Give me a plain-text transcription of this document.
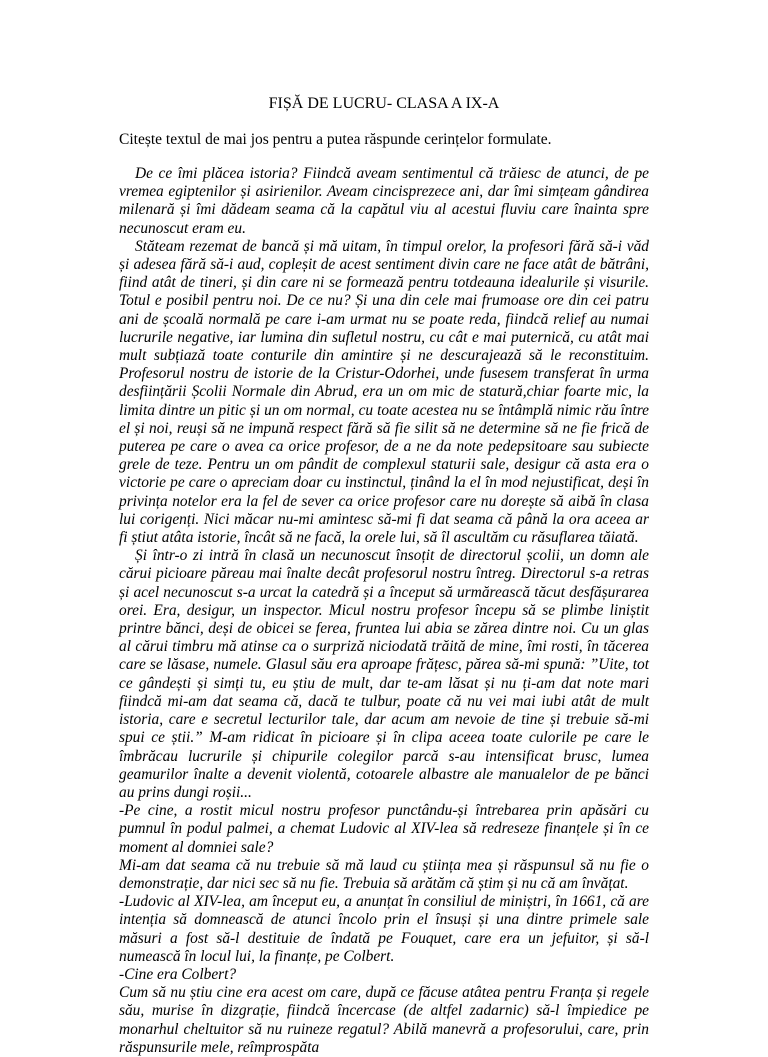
FIȘĂ DE LUCRU- CLASA A IX-A
Citește textul de mai jos pentru a putea răspunde cerințelor formulate.

De ce îmi plăcea istoria? Fiindcă aveam sentimentul că trăiesc de atunci, de pe vremea egiptenilor și asirienilor. Aveam cincisprezece ani, dar îmi simțeam gândirea milenară și îmi dădeam seama că la capătul viu al acestui fluviu care înainta spre necunoscut eram eu.

Stăteam rezemat de bancă și mă uitam, în timpul orelor, la profesori fără să-i văd și adesea fără să-i aud, copleșit de acest sentiment divin care ne face atât de bătrâni, fiind atât de tineri, și din care ni se formează pentru totdeauna idealurile și visurile. Totul e posibil pentru noi. De ce nu? Și una din cele mai frumoase ore din cei patru ani de școală normală pe care i-am urmat nu se poate reda, fiindcă relief au numai lucrurile negative, iar lumina din sufletul nostru, cu cât e mai puternică, cu atât mai mult subțiază toate conturile din amintire și ne descurajează să le reconstituim. Profesorul nostru de istorie de la Cristur-Odorhei, unde fusesem transferat în urma desființării Școlii Normale din Abrud, era un om mic de statură,chiar foarte mic, la limita dintre un pitic și un om normal, cu toate acestea nu se întâmplă nimic rău între el și noi, reuși să ne impună respect fără să fie silit să ne determine să ne fie frică de puterea pe care o avea ca orice profesor, de a ne da note pedepsitoare sau subiecte grele de teze. Pentru un om pândit de complexul staturii sale, desigur că asta era o victorie pe care o apreciam doar cu instinctul, ținând la el în mod nejustificat, deși în privința notelor era la fel de sever ca orice profesor care nu dorește să aibă în clasa lui corigenți. Nici măcar nu-mi amintesc să-mi fi dat seama că până la ora aceea ar fi știut atâta istorie, încât să ne facă, la orele lui, să îl ascultăm cu răsuflarea tăiată.

Și într-o zi intră în clasă un necunoscut însoțit de directorul școlii, un domn ale cărui picioare păreau mai înalte decât profesorul nostru întreg. Directorul s-a retras și acel necunoscut s-a urcat la catedră și a început să urmărească tăcut desfășurarea orei. Era, desigur, un inspector. Micul nostru profesor începu să se plimbe liniștit printre bănci, deși de obicei se ferea, fruntea lui abia se zărea dintre noi. Cu un glas al cărui timbru mă atinse ca o surpriză niciodată trăită de mine, îmi rosti, în tăcerea care se lăsase, numele. Glasul său era aproape frățesc, părea să-mi spună: ”Uite, tot ce gândești și simți tu, eu știu de mult, dar te-am lăsat și nu ți-am dat note mari fiindcă mi-am dat seama că, dacă te tulbur, poate că nu vei mai iubi atât de mult istoria, care e secretul lecturilor tale, dar acum am nevoie de tine și trebuie să-mi spui ce știi.” M-am ridicat în picioare și în clipa aceea toate culorile pe care le îmbrăcau lucrurile și chipurile colegilor parcă s-au intensificat brusc, lumea geamurilor înalte a devenit violentă, cotoarele albastre ale manualelor de pe bănci au prins dungi roșii...

-Pe cine, a rostit micul nostru profesor punctându-și întrebarea prin apăsări cu pumnul în podul palmei, a chemat Ludovic al XIV-lea să redreseze finanțele și în ce moment al domniei sale?

Mi-am dat seama că nu trebuie să mă laud cu știința mea și răspunsul să nu fie o demonstrație, dar nici sec să nu fie. Trebuia să arătăm că știm și nu că am învățat.

-Ludovic al XIV-lea, am început eu, a anunțat în consiliul de miniștri, în 1661, că are intenția să domnească de atunci încolo prin el însuși și una dintre primele sale măsuri a fost să-l destituie de îndată pe Fouquet, care era un jefuitor, și să-l numească în locul lui, la finanțe, pe Colbert.

-Cine era Colbert?

Cum să nu știu cine era acest om care, după ce făcuse atâtea pentru Franța și regele său, murise în dizgrație, fiindcă încercase (de altfel zadarnic) să-l împiedice pe monarhul cheltuitor să nu ruineze regatul? Abilă manevră a profesorului, care, prin răspunsurile mele, reîmprospăta
